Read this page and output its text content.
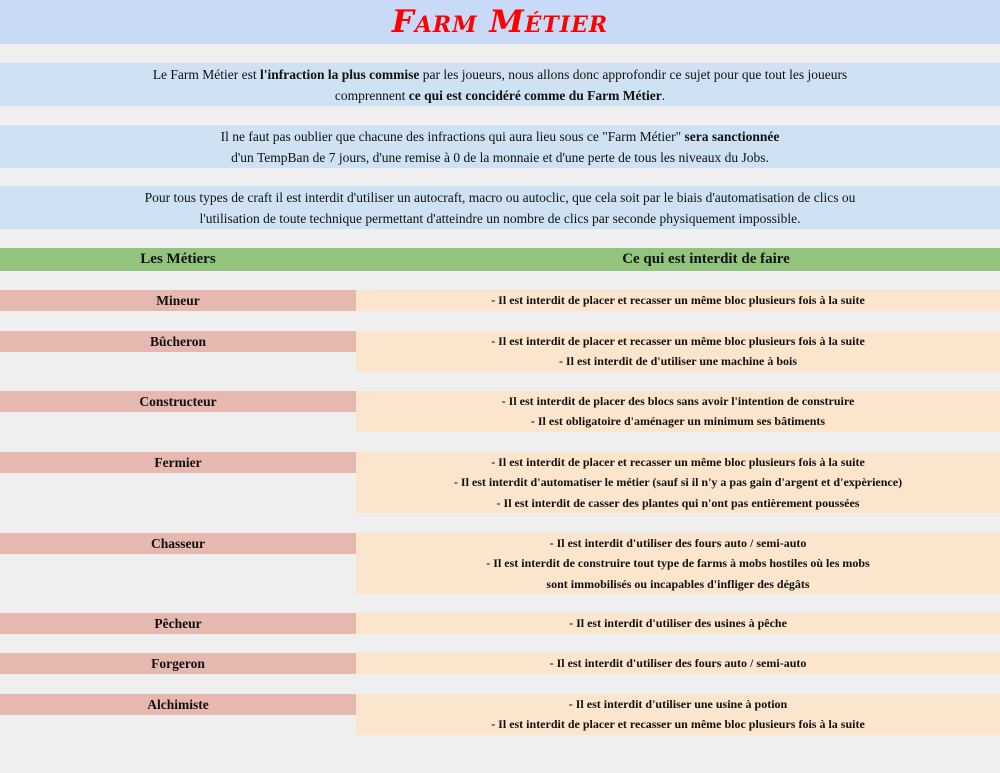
Farm Métier
Le Farm Métier est l'infraction la plus commise par les joueurs, nous allons donc approfondir ce sujet pour que tout les joueurs
comprennent ce qui est concidéré comme du Farm Métier.
Il ne faut pas oublier que chacune des infractions qui aura lieu sous ce "Farm Métier" sera sanctionnée
d'un TempBan de 7 jours, d'une remise à 0 de la monnaie et d'une perte de tous les niveaux du Jobs.
Pour tous types de craft il est interdit d'utiliser un autocraft, macro ou autoclic, que cela soit par le biais d'automatisation de clics ou
l'utilisation de toute technique permettant d'atteindre un nombre de clics par seconde physiquement impossible.
Les Métiers	Ce qui est interdit de faire
Mineur	- Il est interdit de placer et recasser un même bloc plusieurs fois à la suite
Bûcheron	- Il est interdit de placer et recasser un même bloc plusieurs fois à la suite
- Il est interdit de d'utiliser une machine à bois
Constructeur	- Il est interdit de placer des blocs sans avoir l'intention de construire
- Il est obligatoire d'aménager un minimum ses bâtiments
Fermier	- Il est interdit de placer et recasser un même bloc plusieurs fois à la suite
- Il est interdit d'automatiser le métier (sauf si il n'y a pas gain d'argent et d'expèrience)
- Il est interdit de casser des plantes qui n'ont pas entièrement poussées
Chasseur	- Il est interdit d'utiliser des fours auto / semi-auto
- Il est interdit de construire tout type de farms à mobs hostiles où les mobs
sont immobilisés ou incapables d'infliger des dégâts
Pêcheur	- Il est interdit d'utiliser des usines à pêche
Forgeron	- Il est interdit d'utiliser des fours auto / semi-auto
Alchimiste	- Il est interdit d'utiliser une usine à potion
- Il est interdit de placer et recasser un même bloc plusieurs fois à la suite
